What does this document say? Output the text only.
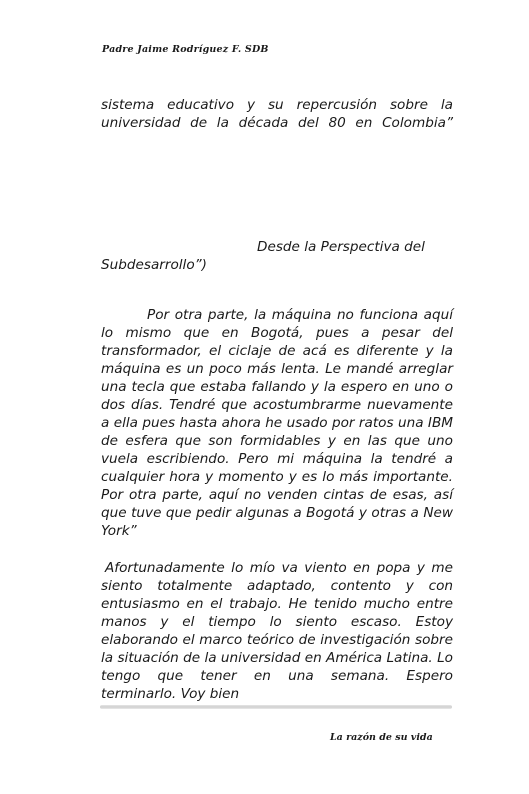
Padre Jaime Rodríguez F. SDB

sistema educativo y su repercusión sobre la universidad de la década del 80 en Colombia”

Desde la Perspectiva del
Subdesarrollo”)

Por otra parte, la máquina no funciona aquí lo mismo que en Bogotá, pues a pesar del transformador, el ciclaje de acá es diferente y la máquina es un poco más lenta. Le mandé arreglar una tecla que estaba fallando y la espero en uno o dos días. Tendré que acostumbrarme nuevamente a ella pues hasta ahora he usado por ratos una IBM de esfera que son formidables y en las que uno vuela escribiendo. Pero mi máquina la tendré a cualquier hora y momento y es lo más importante. Por otra parte, aquí no venden cintas de esas, así que tuve que pedir algunas a Bogotá y otras a New York”

Afortunadamente lo mío va viento en popa y me siento totalmente adaptado, contento y con entusiasmo en el trabajo. He tenido mucho entre manos y el tiempo lo siento escaso. Estoy elaborando el marco teórico de investigación sobre la situación de la universidad en América Latina. Lo tengo que tener en una semana. Espero terminarlo. Voy bien

La razón de su vida
